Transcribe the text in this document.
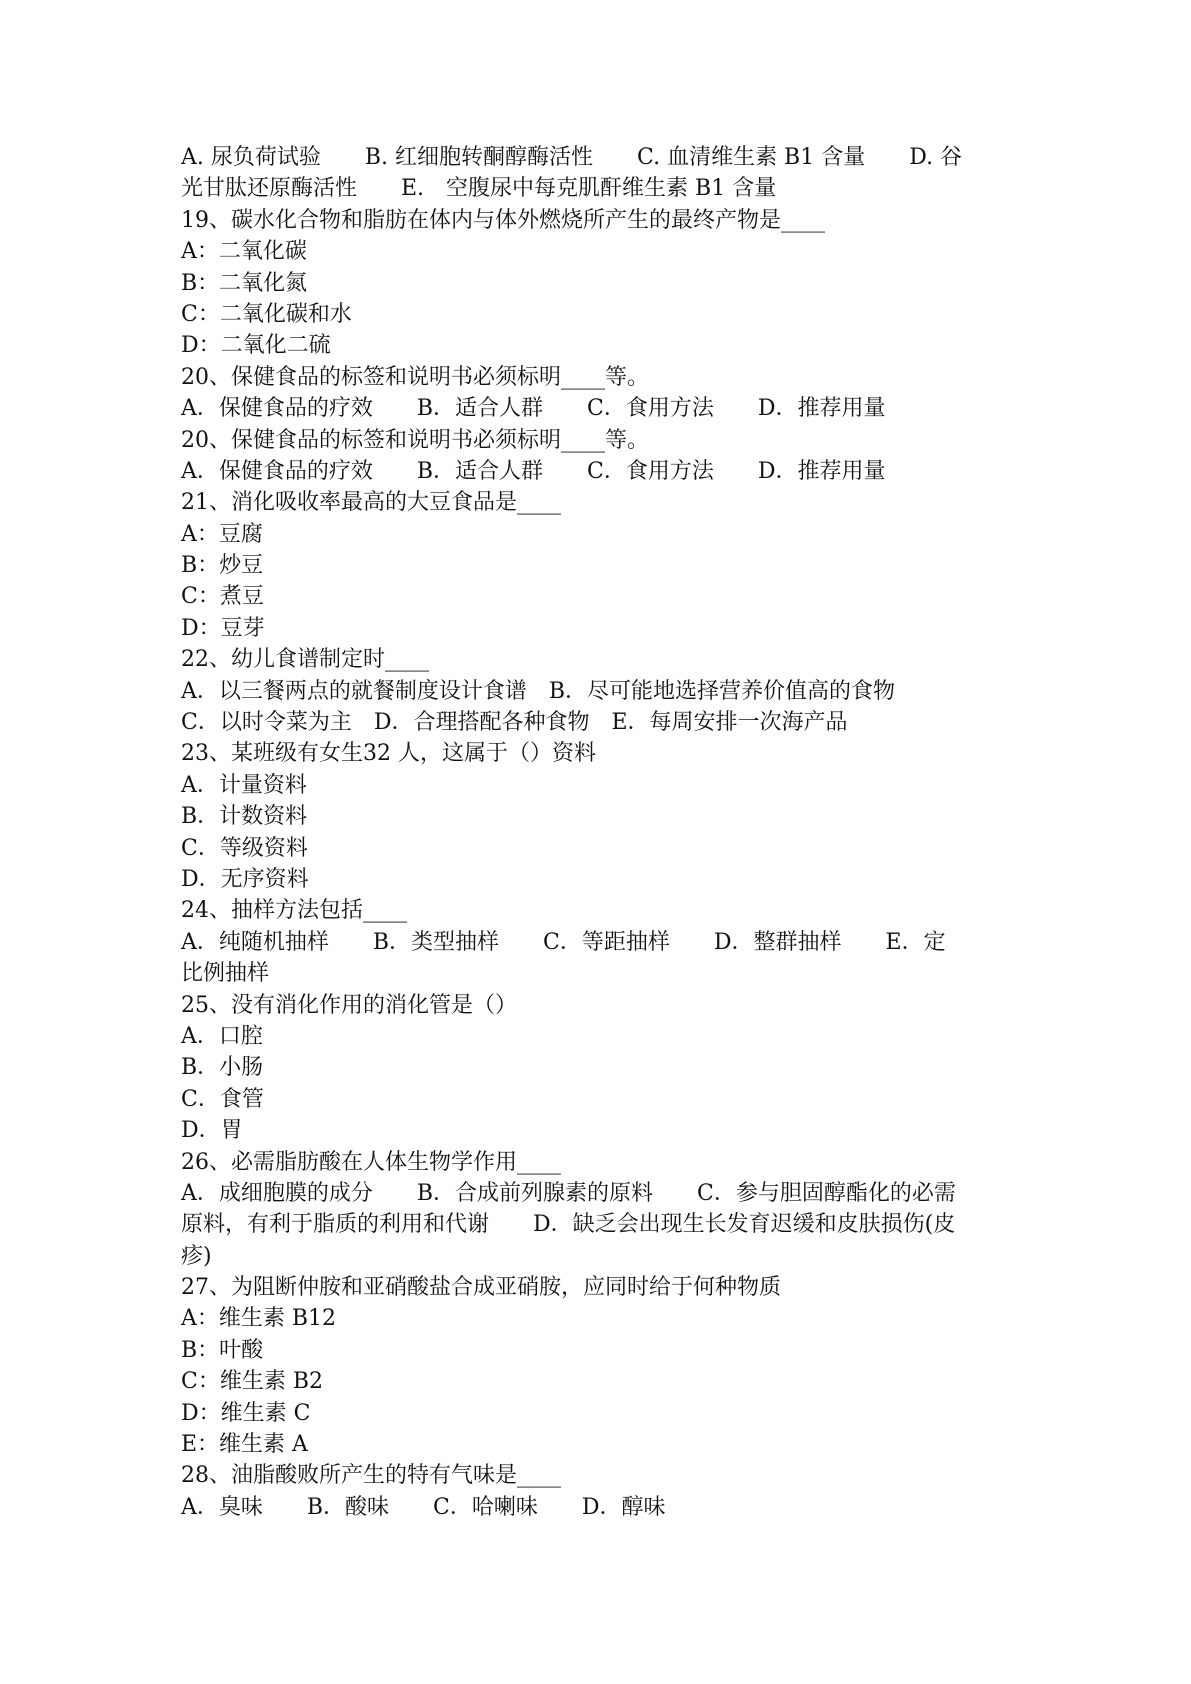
A. 尿负荷试验　　B. 红细胞转酮醇酶活性　　C. 血清维生素 B1 含量　　D. 谷
光甘肽还原酶活性　　E.　空腹尿中每克肌酐维生素 B1 含量
19、碳水化合物和脂肪在体内与体外燃烧所产生的最终产物是____
A：二氧化碳
B：二氧化氮
C：二氧化碳和水
D：二氧化二硫
20、保健食品的标签和说明书必须标明____等。
A．保健食品的疗效　　B．适合人群　　C．食用方法　　D．推荐用量
20、保健食品的标签和说明书必须标明____等。
A．保健食品的疗效　　B．适合人群　　C．食用方法　　D．推荐用量
21、消化吸收率最高的大豆食品是____
A：豆腐
B：炒豆
C：煮豆
D：豆芽
22、幼儿食谱制定时____
A．以三餐两点的就餐制度设计食谱　B．尽可能地选择营养价值高的食物
C．以时令菜为主　D．合理搭配各种食物　E．每周安排一次海产品
23、某班级有女生32 人，这属于（）资料
A．计量资料
B．计数资料
C．等级资料
D．无序资料
24、抽样方法包括____
A．纯随机抽样　　B．类型抽样　　C．等距抽样　　D．整群抽样　　E．定
比例抽样
25、没有消化作用的消化管是（）
A．口腔
B．小肠
C．食管
D．胃
26、必需脂肪酸在人体生物学作用____
A．成细胞膜的成分　　B．合成前列腺素的原料　　C．参与胆固醇酯化的必需
原料，有利于脂质的利用和代谢　　D．缺乏会出现生长发育迟缓和皮肤损伤(皮
疹)
27、为阻断仲胺和亚硝酸盐合成亚硝胺，应同时给于何种物质
A：维生素 B12
B：叶酸
C：维生素 B2
D：维生素 C
E：维生素 A
28、油脂酸败所产生的特有气味是____
A．臭味　　B．酸味　　C．哈喇味　　D．醇味
